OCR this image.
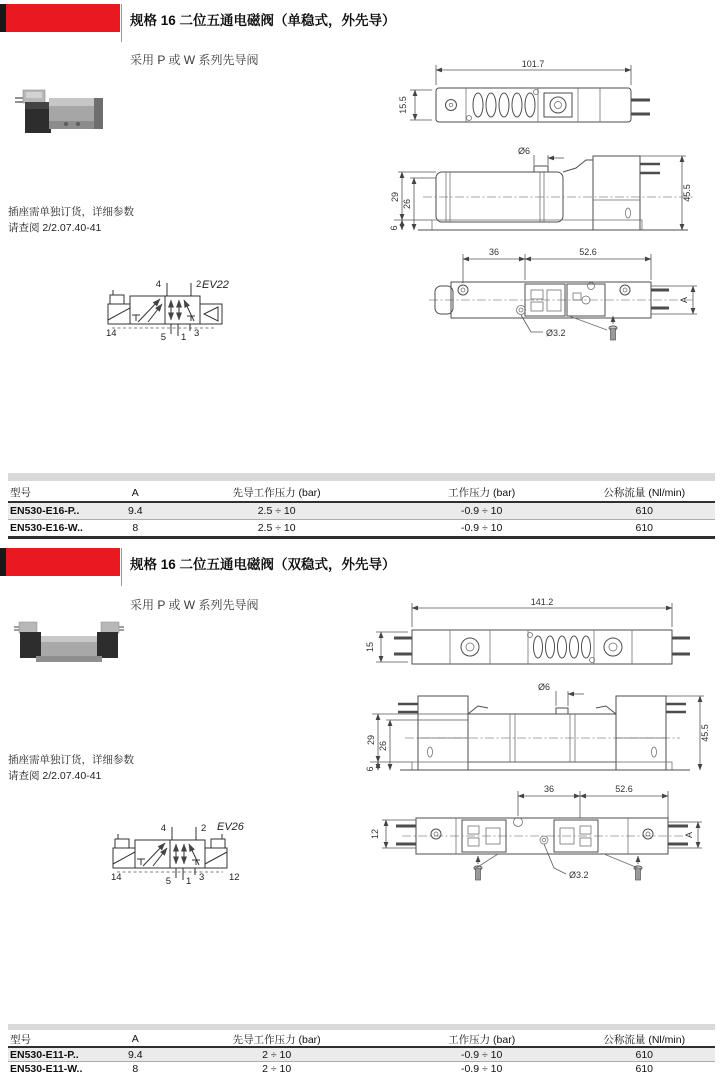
规格 16 二位五通电磁阀（单稳式，外先导）
采用 P 或 W 系列先导阀
插座需单独订货，详细参数
请查阅 2/2.07.40-41
101.7
15.5
Ø6
29
26
6
45.5
36	52.6
Ø3.2
A
EV22
4	2
5 1 3
14
型号	A	先导工作压力 (bar)	工作压力 (bar)	公称流量 (Nl/min)
EN530-E16-P..	9.4	2.5 ÷ 10	-0.9 ÷ 10	610
EN530-E16-W..	8	2.5 ÷ 10	-0.9 ÷ 10	610
规格 16 二位五通电磁阀（双稳式，外先导）
采用 P 或 W 系列先导阀
插座需单独订货，详细参数
请查阅 2/2.07.40-41
141.2
15
Ø6
29
26
6
45.5
36	52.6
12
Ø3.2
A
EV26
4	2
5 1 3
14	12
型号	A	先导工作压力 (bar)	工作压力 (bar)	公称流量 (Nl/min)
EN530-E11-P..	9.4	2 ÷ 10	-0.9 ÷ 10	610
EN530-E11-W..	8	2 ÷ 10	-0.9 ÷ 10	610
